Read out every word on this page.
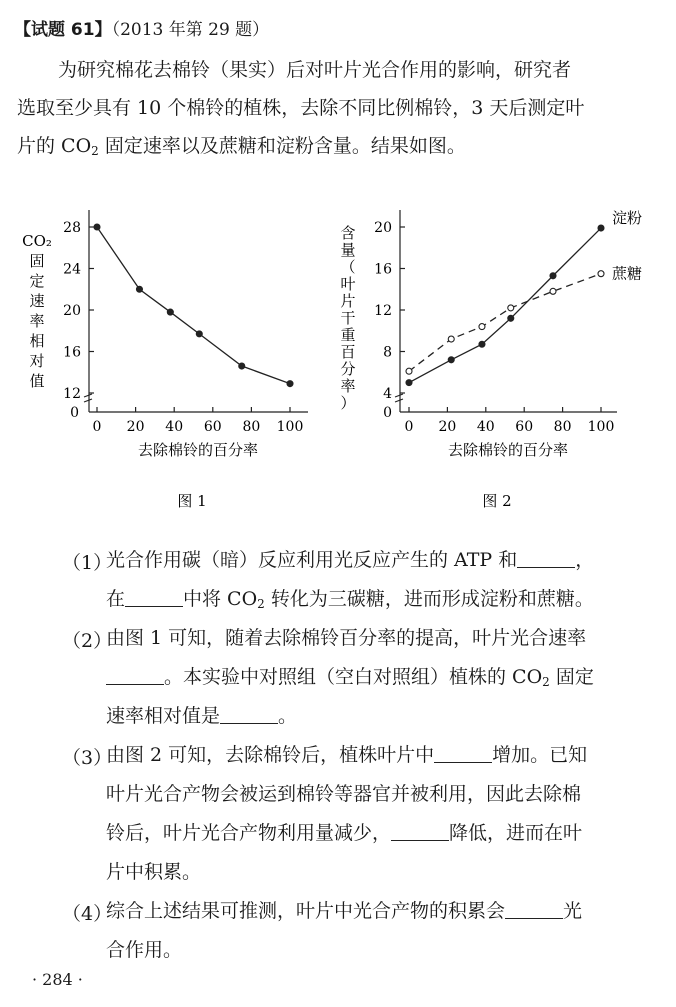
【试题 61】（2013 年第 29 题）
为研究棉花去棉铃（果实）后对叶片光合作用的影响，研究者
选取至少具有 10 个棉铃的植株，去除不同比例棉铃，3 天后测定叶
片的 $CO_2$ 固定速率以及蔗糖和淀粉含量。结果如图。
12
16
20
24
28
0 20 40 60 80 100
0
CO₂
固
定
速
率
相
对
值
去除棉铃的百分率
图 1
4
8
12
16
20
0 20 40 60 80 100
0
含
量
（
叶
片
干
重
百
分
率
）
淀粉
蔗糖
去除棉铃的百分率
图 2
（1）
光合作用碳（暗）反应利用光反应产生的 ATP 和	，
在	中将 $CO_2$ 转化为三碳糖，进而形成淀粉和蔗糖。
（2）
由图 1 可知，随着去除棉铃百分率的提高，叶片光合速率
。本实验中对照组（空白对照组）植株的 $CO_2$ 固定
速率相对值是	。
（3）
由图 2 可知，去除棉铃后，植株叶片中	增加。已知
叶片光合产物会被运到棉铃等器官并被利用，因此去除棉
铃后，叶片光合产物利用量减少，	降低，进而在叶
片中积累。
（4）
综合上述结果可推测，叶片中光合产物的积累会	光
合作用。
· 284 ·
